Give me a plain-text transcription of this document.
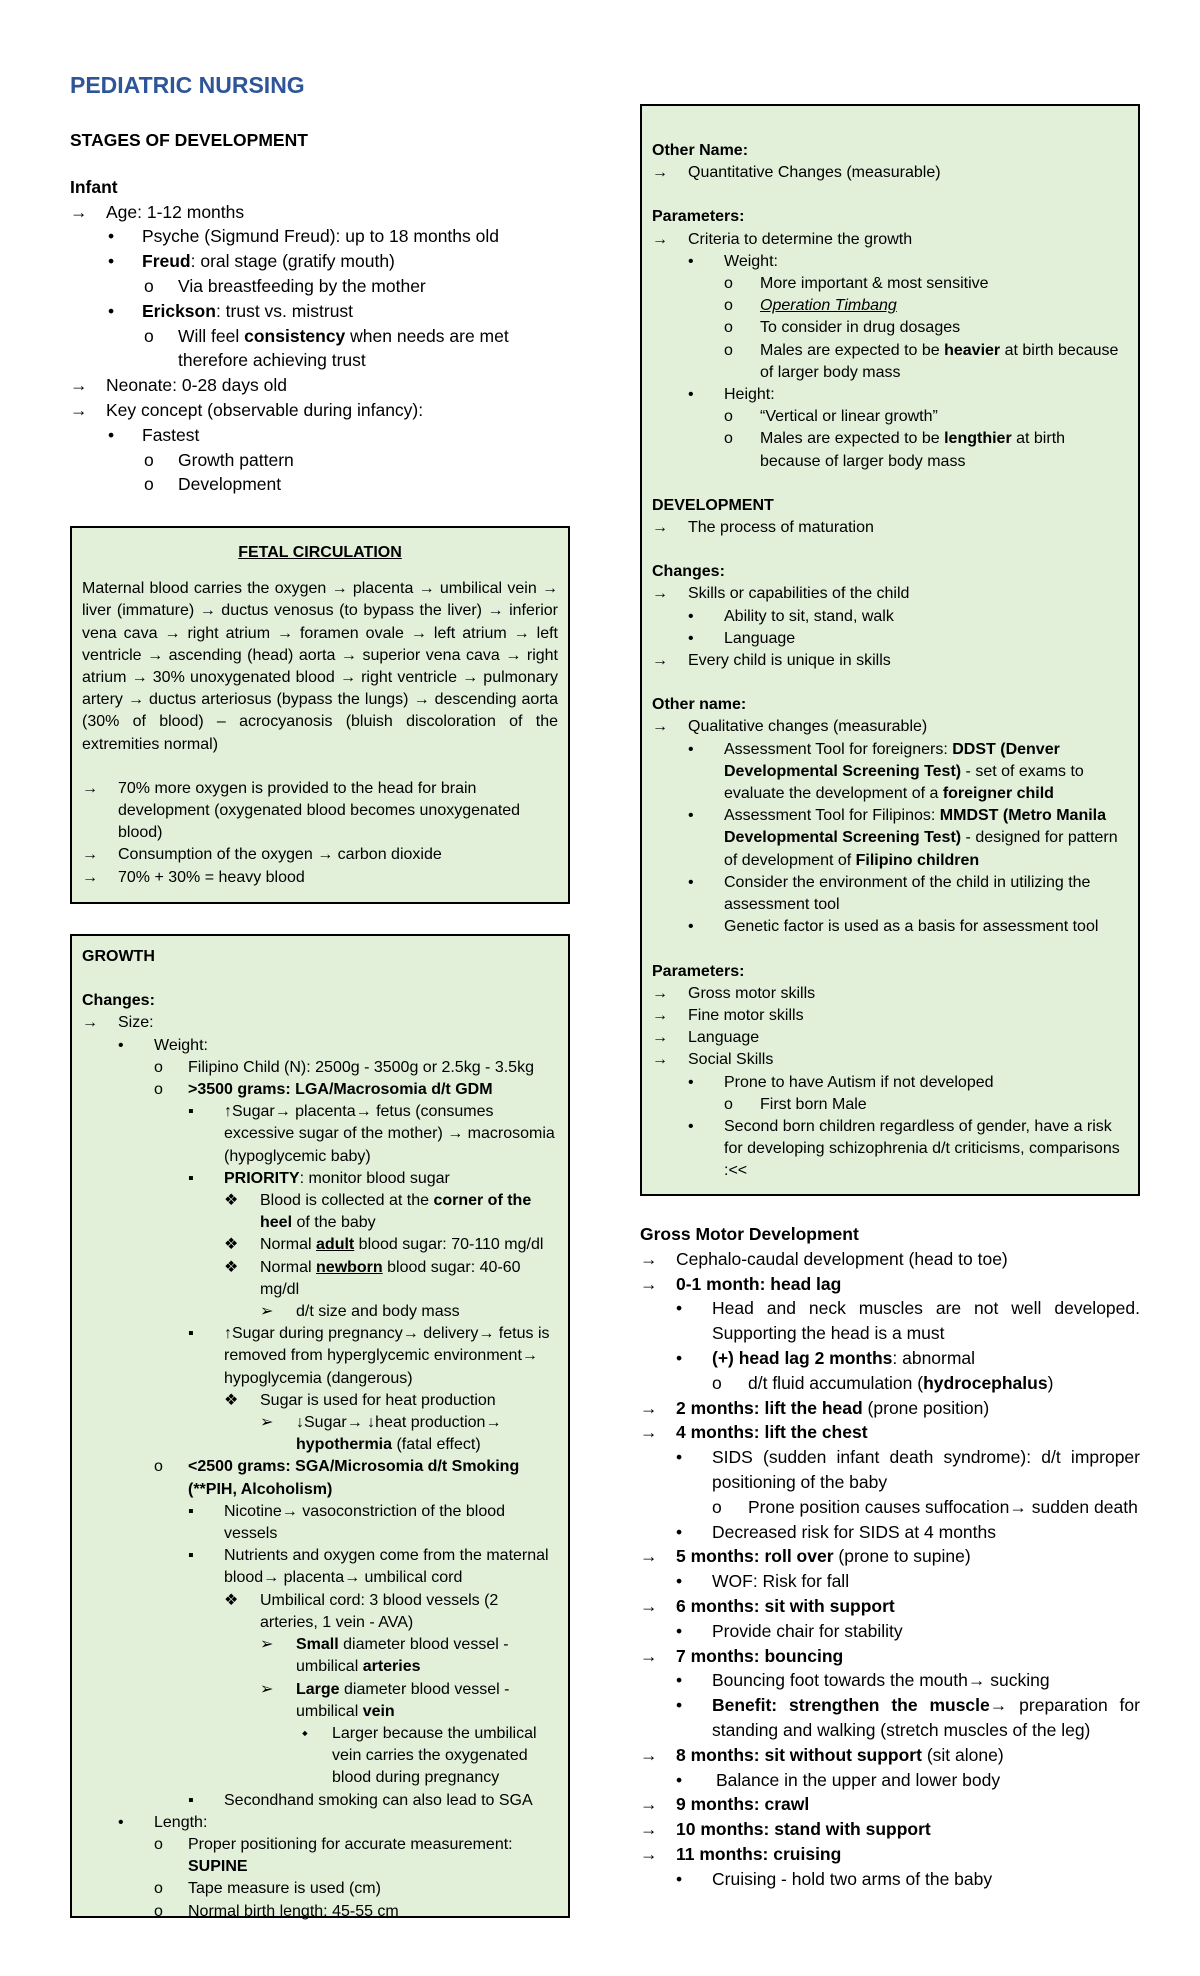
PEDIATRIC NURSING
STAGES OF DEVELOPMENT
Infant
→ Age: 1-12 months
• Psyche (Sigmund Freud): up to 18 months old
• Freud: oral stage (gratify mouth)
o Via breastfeeding by the mother
• Erickson: trust vs. mistrust
o Will feel consistency when needs are met
therefore achieving trust
→ Neonate: 0-28 days old
→ Key concept (observable during infancy):
• Fastest
o Growth pattern
o Development
FETAL CIRCULATION
Maternal blood carries the oxygen → placenta → umbilical vein → liver (immature) → ductus venosus (to bypass the liver) → inferior vena cava → right atrium → foramen ovale → left atrium → left ventricle → ascending (head) aorta → superior vena cava → right atrium → 30% unoxygenated blood → right ventricle → pulmonary artery → ductus arteriosus (bypass the lungs) → descending aorta (30% of blood) – acrocyanosis (bluish discoloration of the extremities normal)
→ 70% more oxygen is provided to the head for brain development (oxygenated blood becomes unoxygenated blood)
→ Consumption of the oxygen → carbon dioxide
→ 70% + 30% = heavy blood
GROWTH
Changes:
→ Size:
• Weight:
o Filipino Child (N): 2500g - 3500g or 2.5kg - 3.5kg
o >3500 grams: LGA/Macrosomia d/t GDM
▪ ↑Sugar→ placenta→ fetus (consumes excessive sugar of the mother) → macrosomia (hypoglycemic baby)
▪ PRIORITY: monitor blood sugar
❖ Blood is collected at the corner of the heel of the baby
❖ Normal adult blood sugar: 70-110 mg/dl
❖ Normal newborn blood sugar: 40-60 mg/dl
➢ d/t size and body mass
▪ ↑Sugar during pregnancy→ delivery→ fetus is removed from hyperglycemic environment→ hypoglycemia (dangerous)
❖ Sugar is used for heat production
➢ ↓Sugar→ ↓heat production→ hypothermia (fatal effect)
o <2500 grams: SGA/Microsomia d/t Smoking (**PIH, Alcoholism)
▪ Nicotine→ vasoconstriction of the blood vessels
▪ Nutrients and oxygen come from the maternal blood→ placenta→ umbilical cord
❖ Umbilical cord: 3 blood vessels (2 arteries, 1 vein - AVA)
➢ Small diameter blood vessel - umbilical arteries
➢ Large diameter blood vessel - umbilical vein
⬩ Larger because the umbilical vein carries the oxygenated blood during pregnancy
▪ Secondhand smoking can also lead to SGA
• Length:
o Proper positioning for accurate measurement: SUPINE
o Tape measure is used (cm)
o Normal birth length: 45-55 cm
Other Name:
→ Quantitative Changes (measurable)
Parameters:
→ Criteria to determine the growth
• Weight:
o More important & most sensitive
o Operation Timbang
o To consider in drug dosages
o Males are expected to be heavier at birth because of larger body mass
• Height:
o “Vertical or linear growth”
o Males are expected to be lengthier at birth because of larger body mass
DEVELOPMENT
→ The process of maturation
Changes:
→ Skills or capabilities of the child
• Ability to sit, stand, walk
• Language
→ Every child is unique in skills
Other name:
→ Qualitative changes (measurable)
• Assessment Tool for foreigners: DDST (Denver Developmental Screening Test) - set of exams to evaluate the development of a foreigner child
• Assessment Tool for Filipinos: MMDST (Metro Manila Developmental Screening Test) - designed for pattern of development of Filipino children
• Consider the environment of the child in utilizing the assessment tool
• Genetic factor is used as a basis for assessment tool
Parameters:
→ Gross motor skills
→ Fine motor skills
→ Language
→ Social Skills
• Prone to have Autism if not developed
o First born Male
• Second born children regardless of gender, have a risk for developing schizophrenia d/t criticisms, comparisons :<<
Gross Motor Development
→ Cephalo-caudal development (head to toe)
→ 0-1 month: head lag
• Head and neck muscles are not well developed. Supporting the head is a must
• (+) head lag 2 months: abnormal
o d/t fluid accumulation (hydrocephalus)
→ 2 months: lift the head (prone position)
→ 4 months: lift the chest
• SIDS (sudden infant death syndrome): d/t improper positioning of the baby
o Prone position causes suffocation→ sudden death
• Decreased risk for SIDS at 4 months
→ 5 months: roll over (prone to supine)
• WOF: Risk for fall
→ 6 months: sit with support
• Provide chair for stability
→ 7 months: bouncing
• Bouncing foot towards the mouth→ sucking
• Benefit: strengthen the muscle→ preparation for standing and walking (stretch muscles of the leg)
→ 8 months: sit without support (sit alone)
• Balance in the upper and lower body
→ 9 months: crawl
→ 10 months: stand with support
→ 11 months: cruising
• Cruising - hold two arms of the baby
